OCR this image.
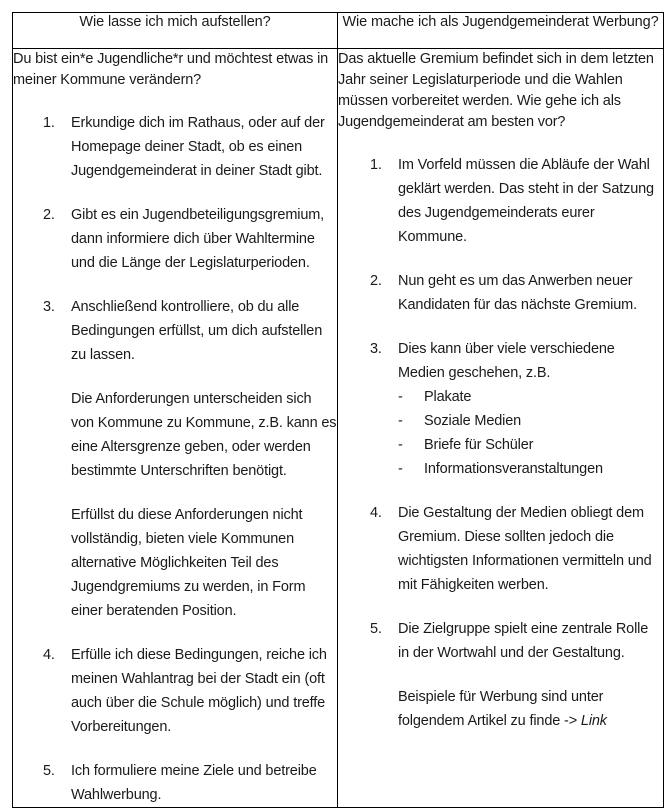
Wie lasse ich mich aufstellen?	Wie mache ich als Jugendgemeinderat Werbung?

Du bist ein*e Jugendliche*r und möchtest etwas in meiner Kommune verändern?

1.	Erkundige dich im Rathaus, oder auf der Homepage deiner Stadt, ob es einen Jugendgemeinderat in deiner Stadt gibt.
2.	Gibt es ein Jugendbeteiligungsgremium, dann informiere dich über Wahltermine und die Länge der Legislaturperioden.
3.	Anschließend kontrolliere, ob du alle Bedingungen erfüllst, um dich aufstellen zu lassen.
Die Anforderungen unterscheiden sich von Kommune zu Kommune, z.B. kann es eine Altersgrenze geben, oder werden bestimmte Unterschriften benötigt.
Erfüllst du diese Anforderungen nicht vollständig, bieten viele Kommunen alternative Möglichkeiten Teil des Jugendgremiums zu werden, in Form einer beratenden Position.
4.	Erfülle ich diese Bedingungen, reiche ich meinen Wahlantrag bei der Stadt ein (oft auch über die Schule möglich) und treffe Vorbereitungen.
5.	Ich formuliere meine Ziele und betreibe Wahlwerbung.

Das aktuelle Gremium befindet sich in dem letzten Jahr seiner Legislaturperiode und die Wahlen müssen vorbereitet werden. Wie gehe ich als Jugendgemeinderat am besten vor?

1.	Im Vorfeld müssen die Abläufe der Wahl geklärt werden. Das steht in der Satzung des Jugendgemeinderats eurer Kommune.
2.	Nun geht es um das Anwerben neuer Kandidaten für das nächste Gremium.
3.	Dies kann über viele verschiedene Medien geschehen, z.B.
-	Plakate
-	Soziale Medien
-	Briefe für Schüler
-	Informationsveranstaltungen
4.	Die Gestaltung der Medien obliegt dem Gremium. Diese sollten jedoch die wichtigsten Informationen vermitteln und mit Fähigkeiten werben.
5.	Die Zielgruppe spielt eine zentrale Rolle in der Wortwahl und der Gestaltung.
Beispiele für Werbung sind unter folgendem Artikel zu finde -> Link
